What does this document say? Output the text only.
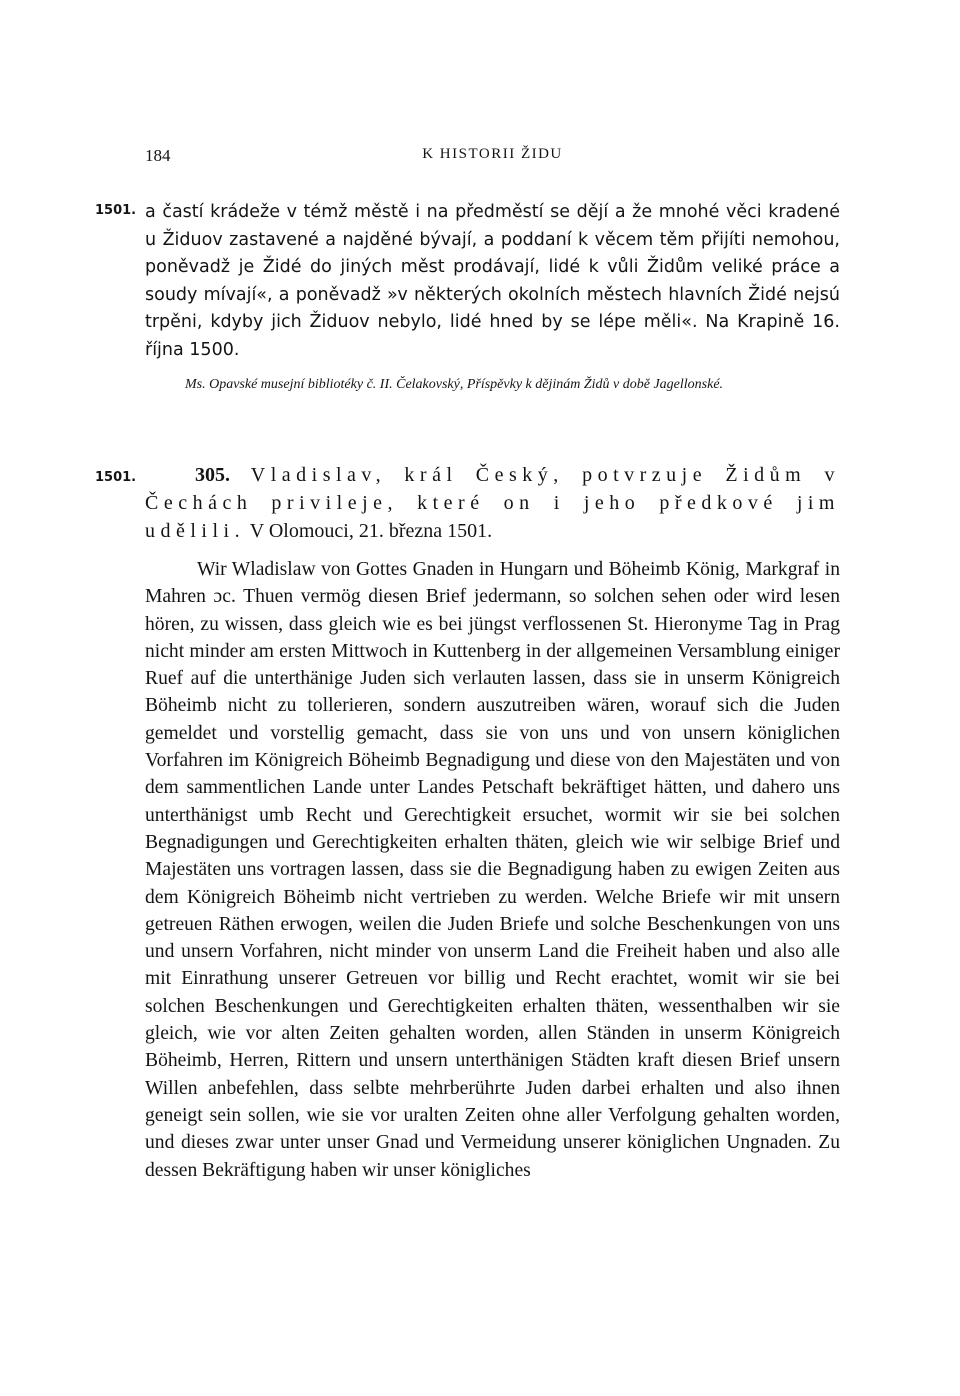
184	K HISTORII ŽIDU
1501. a častí krádeže v témž městě i na předměstí se dějí a že mnohé věci kradené u Židuov zastavené a najděné bývají, a poddaní k věcem těm přijíti nemohou, poněvadž je Židé do jiných měst prodávají, lidé k vůli Židům veliké práce a soudy mívají«, a poněvadž »v některých okolních městech hlavních Židé nejsú trpěni, kdyby jich Židuov nebylo, lidé hned by se lépe měli«. Na Krapině 16. října 1500.

Ms. Opavské musejní bibliotéky č. II. Čelakovský, Příspěvky k dějinám Židů v době Jagellonské.

1501.	305. Vladislav, král Český, potvrzuje Židům v Čechách privileje, které on i jeho předkové jim udělili. V Olomouci, 21. března 1501.

Wir Wladislaw von Gottes Gnaden in Hungarn und Böheimb König, Markgraf in Mahren ɔc. Thuen vermög diesen Brief jedermann, so solchen sehen oder wird lesen hören, zu wissen, dass gleich wie es bei jüngst verflossenen St. Hieronyme Tag in Prag nicht minder am ersten Mittwoch in Kuttenberg in der allgemeinen Versamblung einiger Ruef auf die unterthänige Juden sich verlauten lassen, dass sie in unserm Königreich Böheimb nicht zu tollerieren, sondern auszutreiben wären, worauf sich die Juden gemeldet und vorstellig gemacht, dass sie von uns und von unsern königlichen Vorfahren im Königreich Böheimb Begnadigung und diese von den Majestäten und von dem sammentlichen Lande unter Landes Petschaft bekräftiget hätten, und dahero uns unterthänigst umb Recht und Gerechtigkeit ersuchet, wormit wir sie bei solchen Begnadigungen und Gerechtigkeiten erhalten thäten, gleich wie wir selbige Brief und Majestäten uns vortragen lassen, dass sie die Begnadigung haben zu ewigen Zeiten aus dem Königreich Böheimb nicht vertrieben zu werden. Welche Briefe wir mit unsern getreuen Räthen erwogen, weilen die Juden Briefe und solche Beschenkungen von uns und unsern Vorfahren, nicht minder von unserm Land die Freiheit haben und also alle mit Einrathung unserer Getreuen vor billig und Recht erachtet, womit wir sie bei solchen Beschenkungen und Gerechtigkeiten erhalten thäten, wessenthalben wir sie gleich, wie vor alten Zeiten gehalten worden, allen Ständen in unserm Königreich Böheimb, Herren, Rittern und unsern unterthänigen Städten kraft diesen Brief unsern Willen anbefehlen, dass selbte mehrberührte Juden darbei erhalten und also ihnen geneigt sein sollen, wie sie vor uralten Zeiten ohne aller Verfolgung gehalten worden, und dieses zwar unter unser Gnad und Vermeidung unserer königlichen Ungnaden. Zu dessen Bekräftigung haben wir unser königliches
